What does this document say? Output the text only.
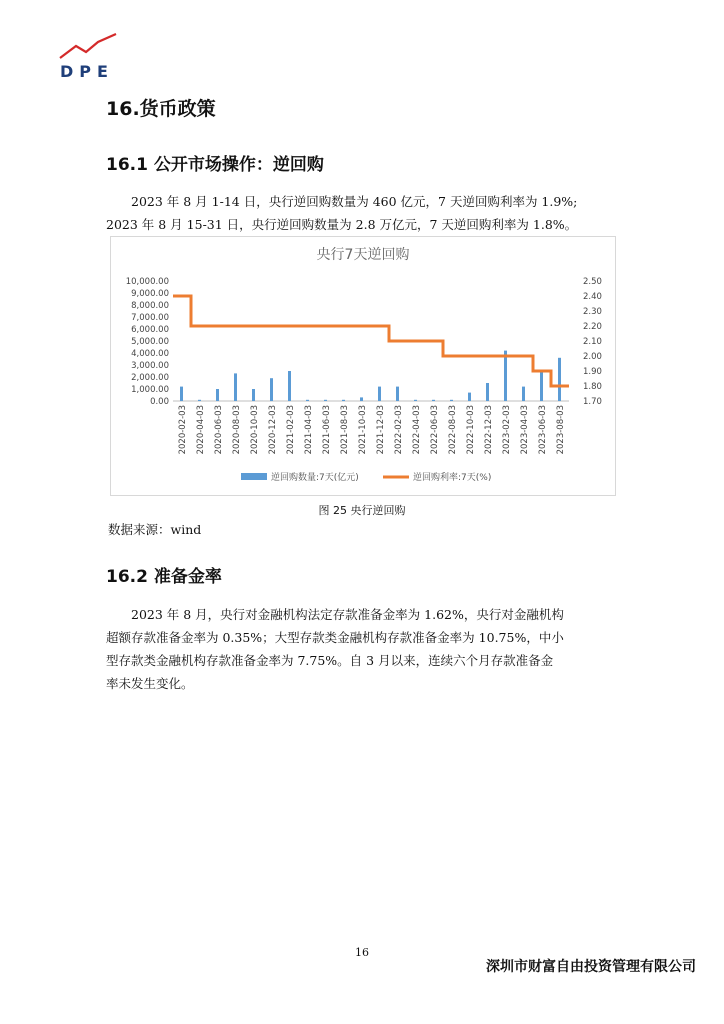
DPE
16.货币政策
16.1 公开市场操作：逆回购

2023 年 8 月 1-14 日，央行逆回购数量为 460 亿元，7 天逆回购利率为 1.9%;

2023 年 8 月 15-31 日，央行逆回购数量为 2.8 万亿元，7 天逆回购利率为 1.8%。

央行7天逆回购
0.00
1,000.00
2,000.00
3,000.00
4,000.00
5,000.00
6,000.00
7,000.00
8,000.00
9,000.00
10,000.00
1.70
1.80
1.90
2.00
2.10
2.20
2.30
2.40
2.50
2020-02-03 2020-04-03 2020-06-03 2020-08-03 2020-10-03 2020-12-03 2021-02-03 2021-04-03 2021-06-03 2021-08-03 2021-10-03 2021-12-03 2022-02-03 2022-04-03 2022-06-03 2022-08-03 2022-10-03 2022-12-03 2023-02-03 2023-04-03 2023-06-03 2023-08-03
逆回购数量:7天(亿元)	逆回购利率:7天(%)
图 25 央行逆回购
数据来源：wind
16.2 准备金率

2023 年 8 月，央行对金融机构法定存款准备金率为 1.62%，央行对金融机构

超额存款准备金率为 0.35%；大型存款类金融机构存款准备金率为 10.75%，中小

型存款类金融机构存款准备金率为 7.75%。自 3 月以来，连续六个月存款准备金

率未发生变化。

16
深圳市财富自由投资管理有限公司
